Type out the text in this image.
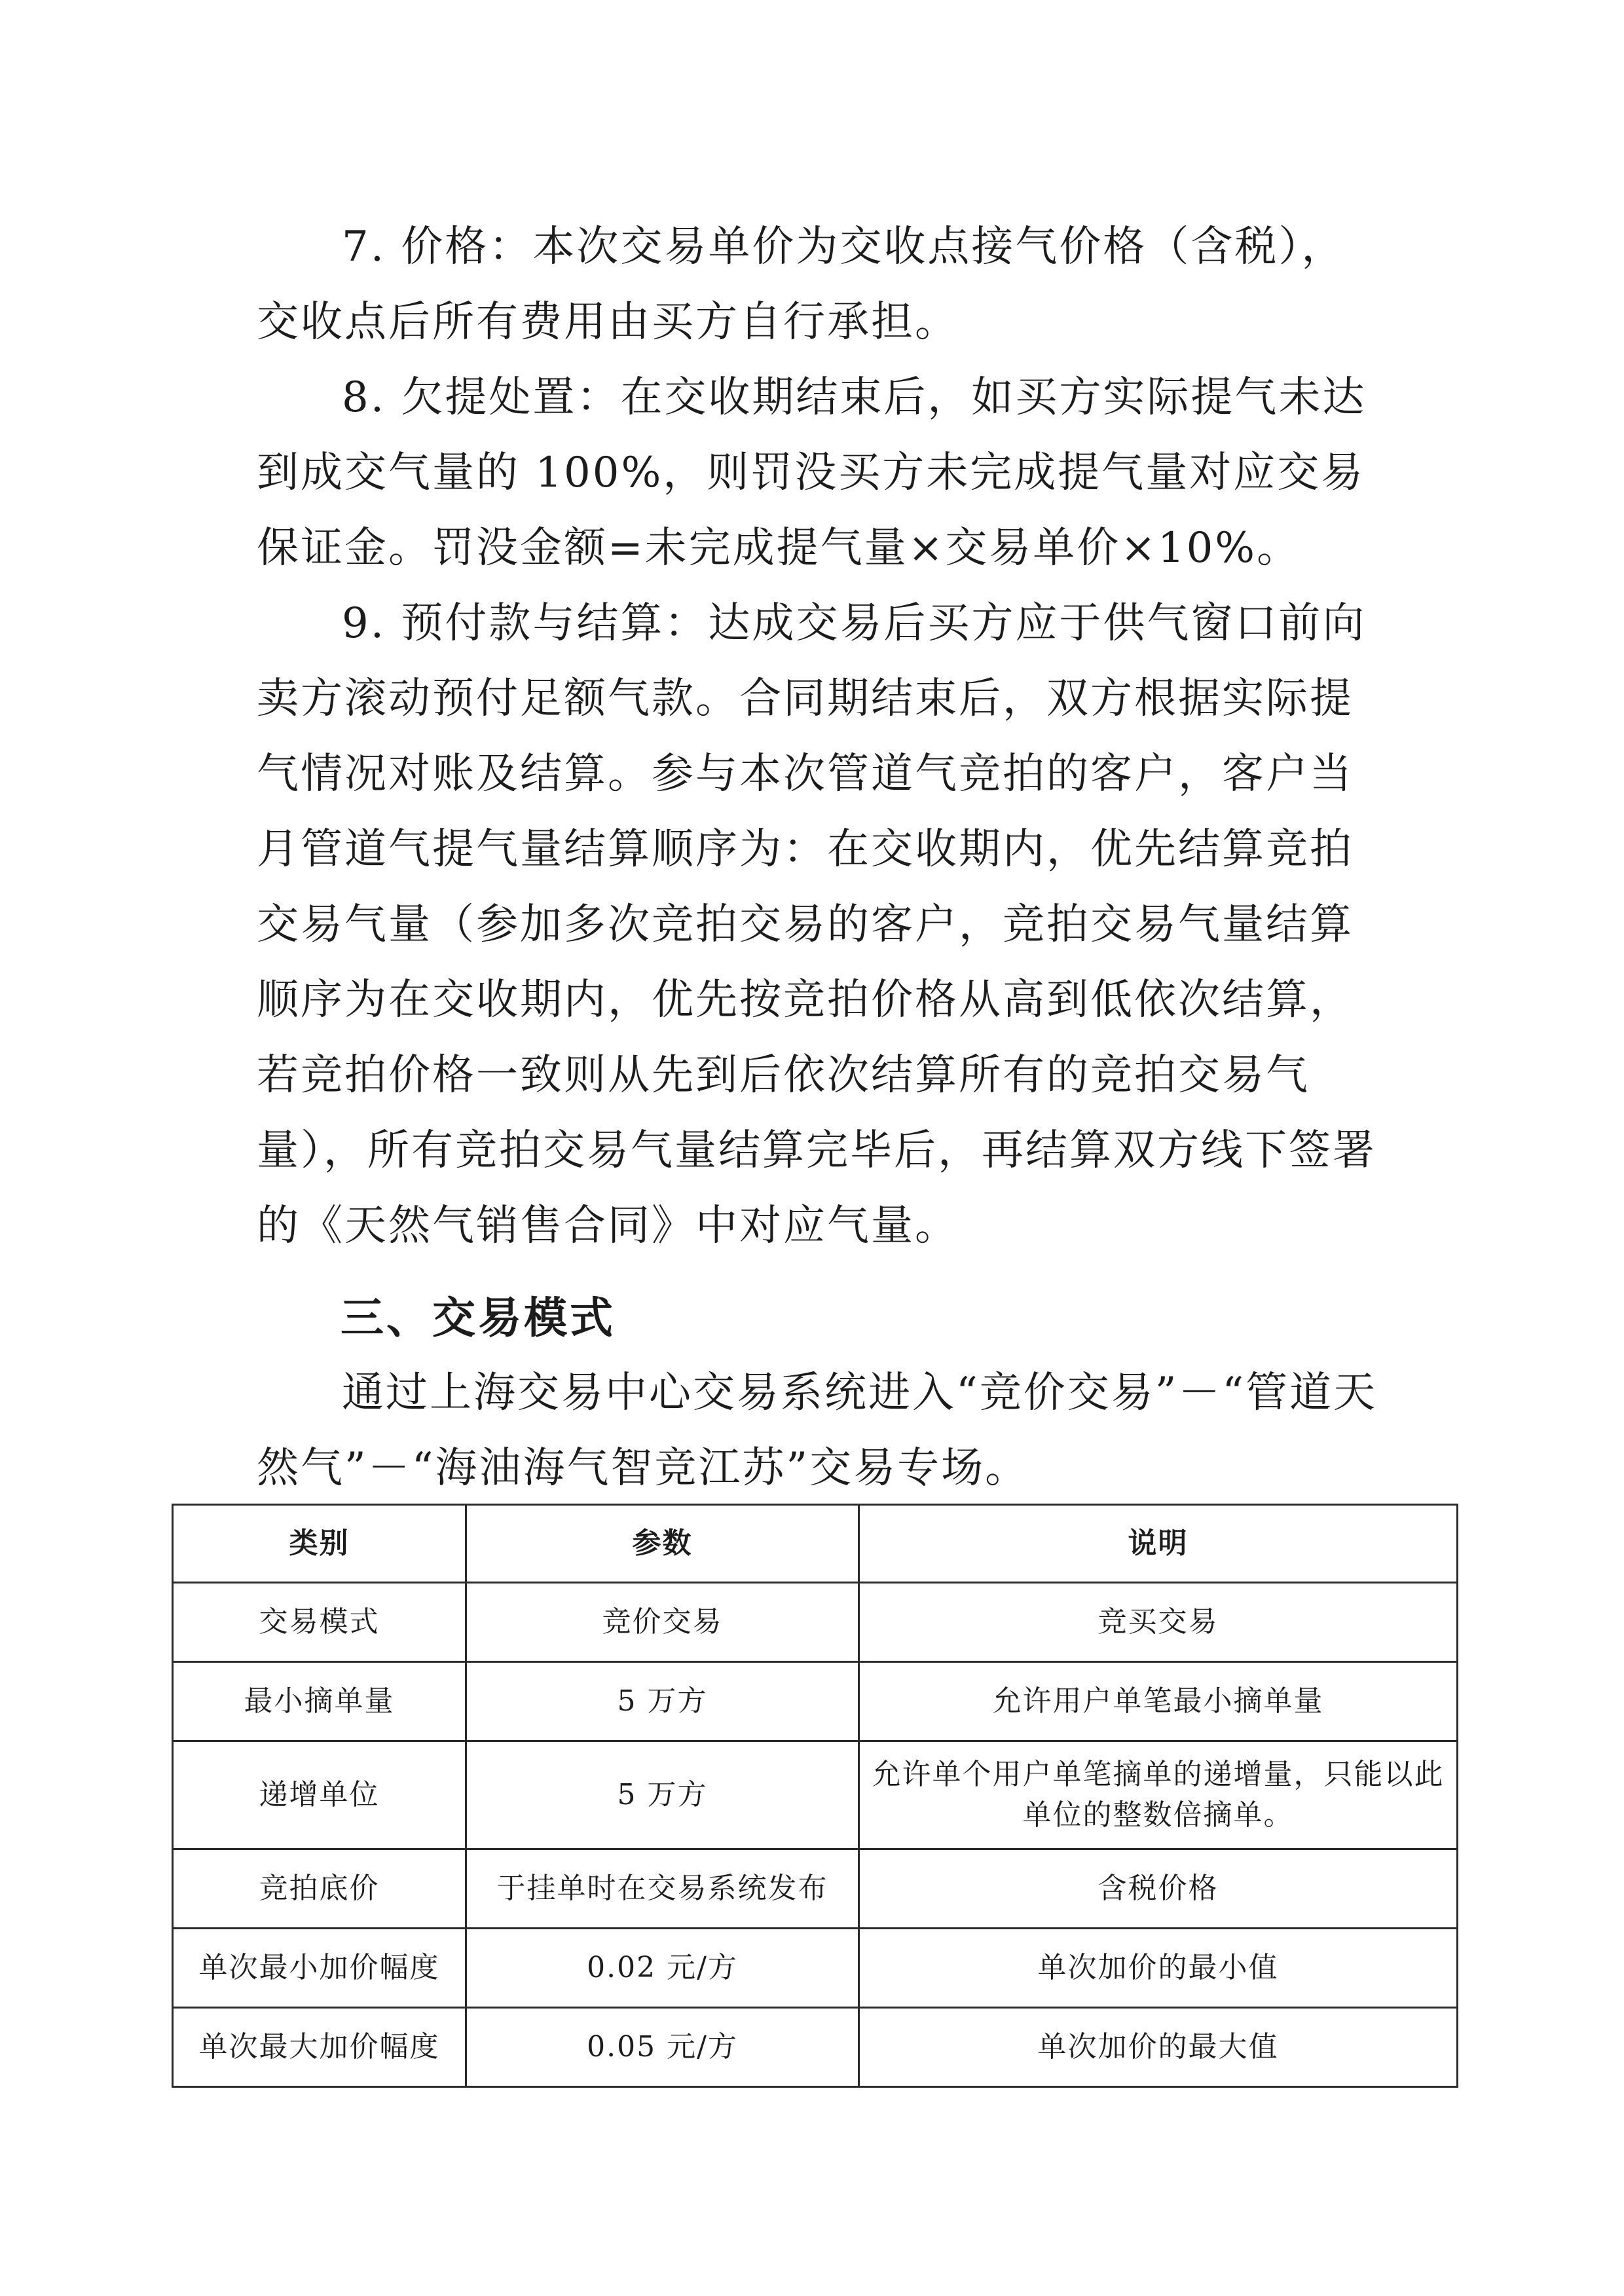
7. 价格：本次交易单价为交收点接气价格（含税），交收点后所有费用由买方自行承担。

8. 欠提处置：在交收期结束后，如买方实际提气未达到成交气量的 100%，则罚没买方未完成提气量对应交易保证金。罚没金额=未完成提气量×交易单价×10%。

9. 预付款与结算：达成交易后买方应于供气窗口前向卖方滚动预付足额气款。合同期结束后，双方根据实际提气情况对账及结算。参与本次管道气竞拍的客户，客户当月管道气提气量结算顺序为：在交收期内，优先结算竞拍交易气量（参加多次竞拍交易的客户，竞拍交易气量结算顺序为在交收期内，优先按竞拍价格从高到低依次结算，若竞拍价格一致则从先到后依次结算所有的竞拍交易气量），所有竞拍交易气量结算完毕后，再结算双方线下签署的《天然气销售合同》中对应气量。

三、交易模式

通过上海交易中心交易系统进入“竞价交易”－“管道天然气”－“海油海气智竞江苏”交易专场。

类别	参数	说明
交易模式	竞价交易	竞买交易
最小摘单量	5 万方	允许用户单笔最小摘单量
递增单位	5 万方	允许单个用户单笔摘单的递增量，只能以此单位的整数倍摘单。
竞拍底价	于挂单时在交易系统发布	含税价格
单次最小加价幅度	0.02 元/方	单次加价的最小值
单次最大加价幅度	0.05 元/方	单次加价的最大值
